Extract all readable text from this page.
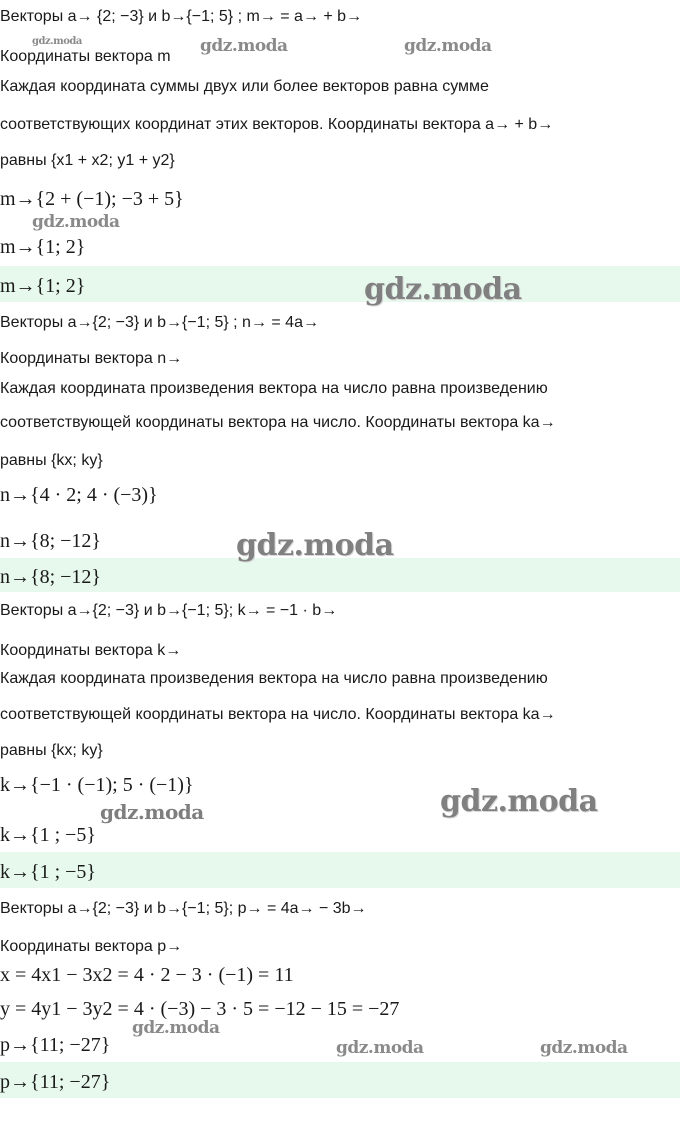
Векторы a→ {2; −3} и b→{−1; 5} ; m→ = a→ + b→
Координаты вектора m
Каждая координата суммы двух или более векторов равна сумме
соответствующих координат этих векторов. Координаты вектора a→ + b→
равны {x1 + x2; y1 + y2}
m→{2 + (−1); −3 + 5}
m→{1; 2}
m→{1; 2}
Векторы a→{2; −3} и b→{−1; 5} ; n→ = 4a→
Координаты вектора n→
Каждая координата произведения вектора на число равна произведению
соответствующей координаты вектора на число. Координаты вектора ka→
равны {kx; ky}
n→{4 · 2; 4 · (−3)}
n→{8; −12}
n→{8; −12}
Векторы a→{2; −3} и b→{−1; 5}; k→ = −1 · b→
Координаты вектора k→
Каждая координата произведения вектора на число равна произведению
соответствующей координаты вектора на число. Координаты вектора ka→
равны {kx; ky}
k→{−1 · (−1); 5 · (−1)}
k→{1 ; −5}
k→{1 ; −5}
Векторы a→{2; −3} и b→{−1; 5}; p→ = 4a→ − 3b→
Координаты вектора p→
x = 4x1 − 3x2 = 4 · 2 − 3 · (−1) = 11
y = 4y1 − 3y2 = 4 · (−3) − 3 · 5 = −12 − 15 = −27
p→{11; −27}
p→{11; −27}
gdz.moda	gdz.moda	gdz.moda
gdz.moda
gdz.moda
gdz.moda
gdz.moda	gdz.moda
gdz.moda
gdz.moda	gdz.moda
